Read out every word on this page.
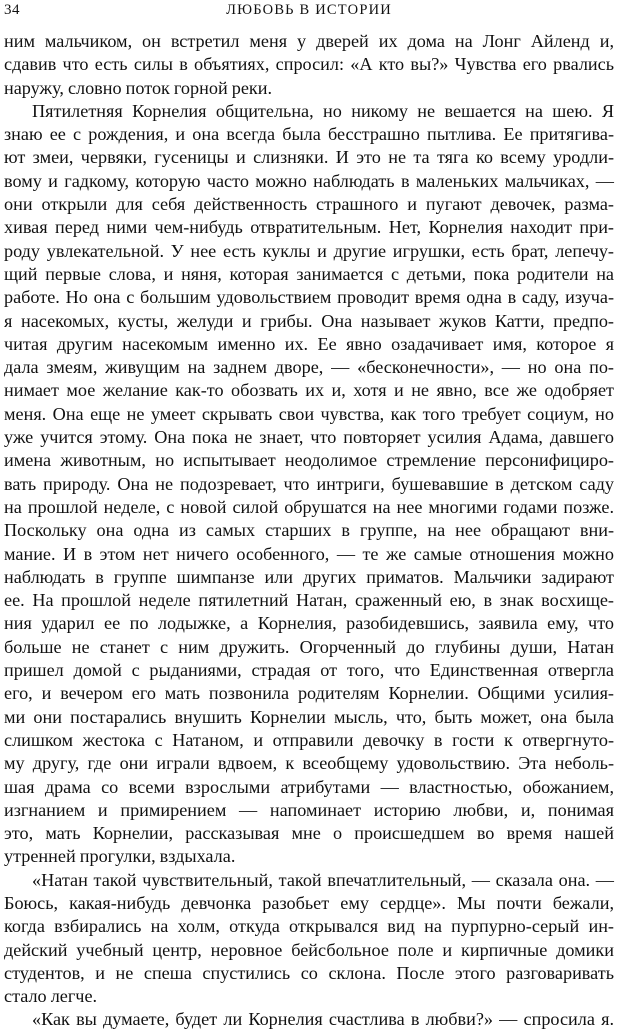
34	ЛЮБОВЬ В ИСТОРИИ
ним мальчиком, он встретил меня у дверей их дома на Лонг Айленд и,
сдавив что есть силы в объятиях, спросил: «А кто вы?» Чувства его рвались
наружу, словно поток горной реки.
Пятилетняя Корнелия общительна, но никому не вешается на шею. Я
знаю ее с рождения, и она всегда была бесстрашно пытлива. Ее притягива-
ют змеи, червяки, гусеницы и слизняки. И это не та тяга ко всему уродли-
вому и гадкому, которую часто можно наблюдать в маленьких мальчиках, —
они открыли для себя действенность страшного и пугают девочек, разма-
хивая перед ними чем-нибудь отвратительным. Нет, Корнелия находит при-
роду увлекательной. У нее есть куклы и другие игрушки, есть брат, лепечу-
щий первые слова, и няня, которая занимается с детьми, пока родители на
работе. Но она с большим удовольствием проводит время одна в саду, изуча-
я насекомых, кусты, желуди и грибы. Она называет жуков Катти, предпо-
читая другим насекомым именно их. Ее явно озадачивает имя, которое я
дала змеям, живущим на заднем дворе, — «бесконечности», — но она по-
нимает мое желание как-то обозвать их и, хотя и не явно, все же одобряет
меня. Она еще не умеет скрывать свои чувства, как того требует социум, но
уже учится этому. Она пока не знает, что повторяет усилия Адама, давшего
имена животным, но испытывает неодолимое стремление персонифициро-
вать природу. Она не подозревает, что интриги, бушевавшие в детском саду
на прошлой неделе, с новой силой обрушатся на нее многими годами позже.
Поскольку она одна из самых старших в группе, на нее обращают вни-
мание. И в этом нет ничего особенного, — те же самые отношения можно
наблюдать в группе шимпанзе или других приматов. Мальчики задирают
ее. На прошлой неделе пятилетний Натан, сраженный ею, в знак восхище-
ния ударил ее по лодыжке, а Корнелия, разобидевшись, заявила ему, что
больше не станет с ним дружить. Огорченный до глубины души, Натан
пришел домой с рыданиями, страдая от того, что Единственная отвергла
его, и вечером его мать позвонила родителям Корнелии. Общими усилия-
ми они постарались внушить Корнелии мысль, что, быть может, она была
слишком жестока с Натаном, и отправили девочку в гости к отвергнуто-
му другу, где они играли вдвоем, к всеобщему удовольствию. Эта неболь-
шая драма со всеми взрослыми атрибутами — властностью, обожанием,
изгнанием и примирением — напоминает историю любви, и, понимая
это, мать Корнелии, рассказывая мне о происшедшем во время нашей
утренней прогулки, вздыхала.
«Натан такой чувствительный, такой впечатлительный, — сказала она. —
Боюсь, какая-нибудь девчонка разобьет ему сердце». Мы почти бежали,
когда взбирались на холм, откуда открывался вид на пурпурно-серый ин-
дейский учебный центр, неровное бейсбольное поле и кирпичные домики
студентов, и не спеша спустились со склона. После этого разговаривать
стало легче.
«Как вы думаете, будет ли Корнелия счастлива в любви?» — спросила я.
